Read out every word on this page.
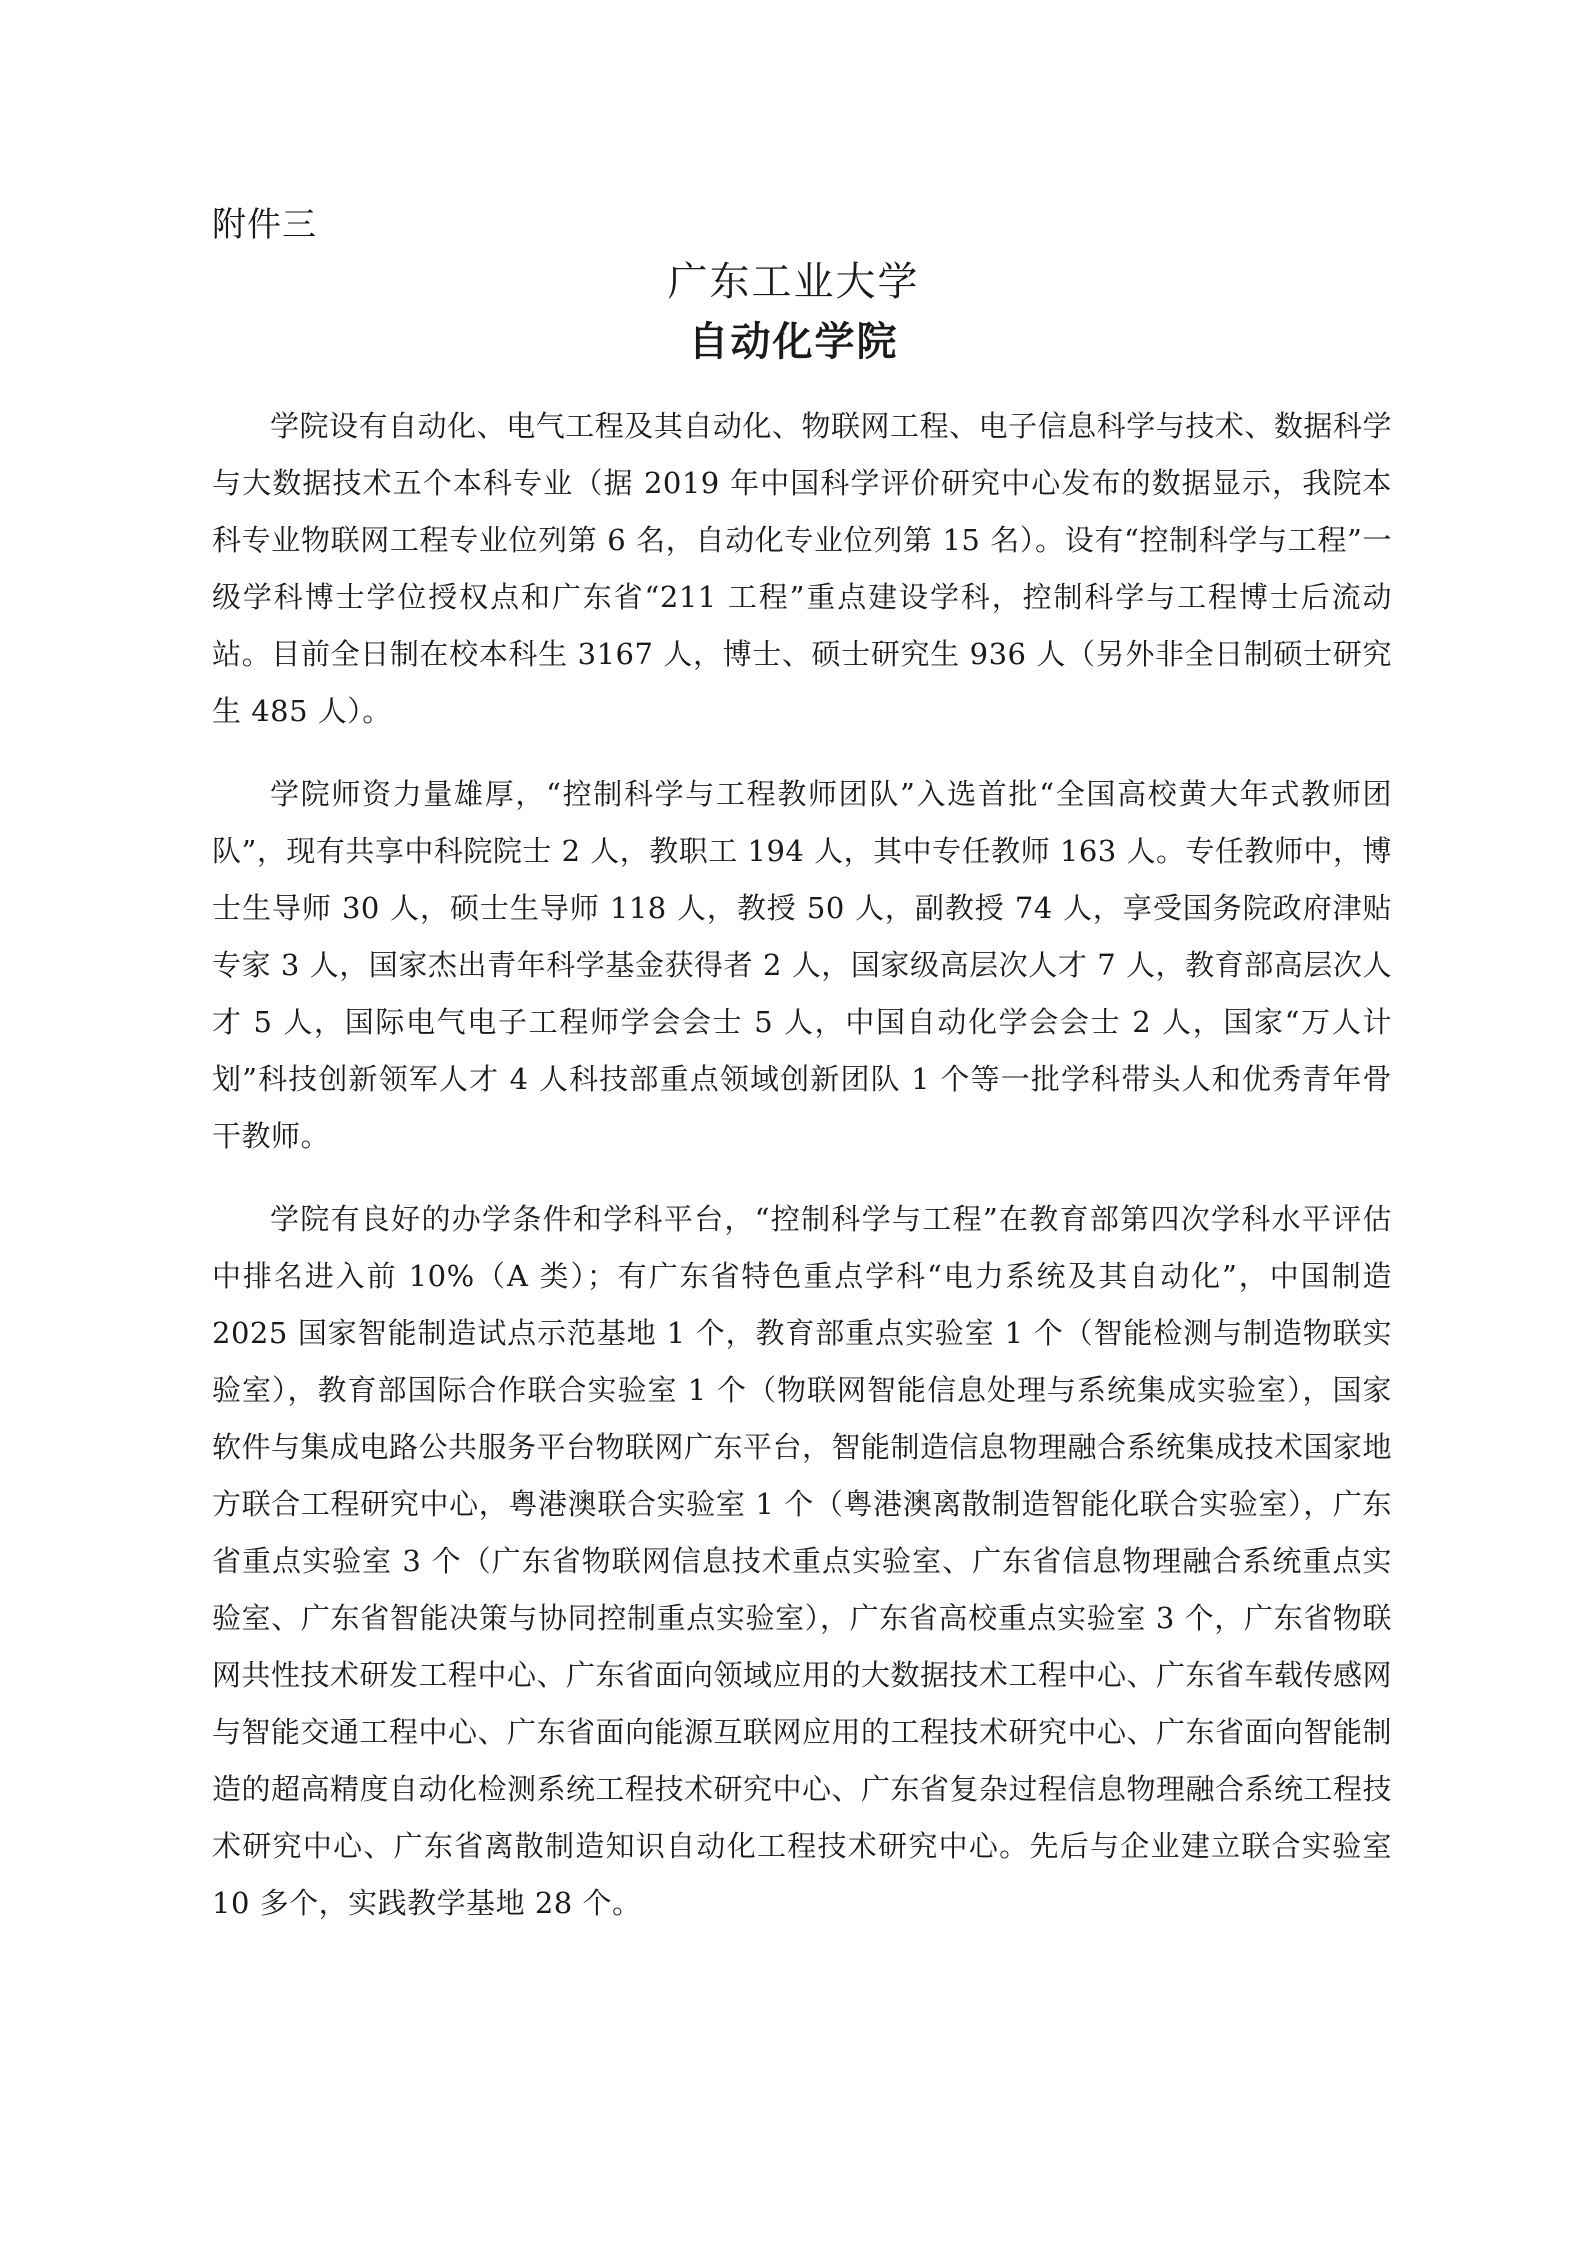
附件三
广东工业大学
自动化学院

学院设有自动化、电气工程及其自动化、物联网工程、电子信息科学与技术、数据科学与大数据技术五个本科专业（据 2019 年中国科学评价研究中心发布的数据显示，我院本科专业物联网工程专业位列第 6 名，自动化专业位列第 15 名）。设有“控制科学与工程”一级学科博士学位授权点和广东省“211 工程”重点建设学科，控制科学与工程博士后流动站。目前全日制在校本科生 3167 人，博士、硕士研究生 936 人（另外非全日制硕士研究生 485 人）。

学院师资力量雄厚，“控制科学与工程教师团队”入选首批“全国高校黄大年式教师团队”，现有共享中科院院士 2 人，教职工 194 人，其中专任教师 163 人。专任教师中，博士生导师 30 人，硕士生导师 118 人，教授 50 人，副教授 74 人，享受国务院政府津贴专家 3 人，国家杰出青年科学基金获得者 2 人，国家级高层次人才 7 人，教育部高层次人才 5 人，国际电气电子工程师学会会士 5 人，中国自动化学会会士 2 人，国家“万人计划”科技创新领军人才 4 人科技部重点领域创新团队 1 个等一批学科带头人和优秀青年骨干教师。

学院有良好的办学条件和学科平台，“控制科学与工程”在教育部第四次学科水平评估中排名进入前 10%（A 类）；有广东省特色重点学科“电力系统及其自动化”，中国制造 2025 国家智能制造试点示范基地 1 个，教育部重点实验室 1 个（智能检测与制造物联实验室），教育部国际合作联合实验室 1 个（物联网智能信息处理与系统集成实验室），国家软件与集成电路公共服务平台物联网广东平台，智能制造信息物理融合系统集成技术国家地方联合工程研究中心，粤港澳联合实验室 1 个（粤港澳离散制造智能化联合实验室），广东省重点实验室 3 个（广东省物联网信息技术重点实验室、广东省信息物理融合系统重点实验室、广东省智能决策与协同控制重点实验室），广东省高校重点实验室 3 个，广东省物联网共性技术研发工程中心、广东省面向领域应用的大数据技术工程中心、广东省车载传感网与智能交通工程中心、广东省面向能源互联网应用的工程技术研究中心、广东省面向智能制造的超高精度自动化检测系统工程技术研究中心、广东省复杂过程信息物理融合系统工程技术研究中心、广东省离散制造知识自动化工程技术研究中心。先后与企业建立联合实验室 10 多个，实践教学基地 28 个。
